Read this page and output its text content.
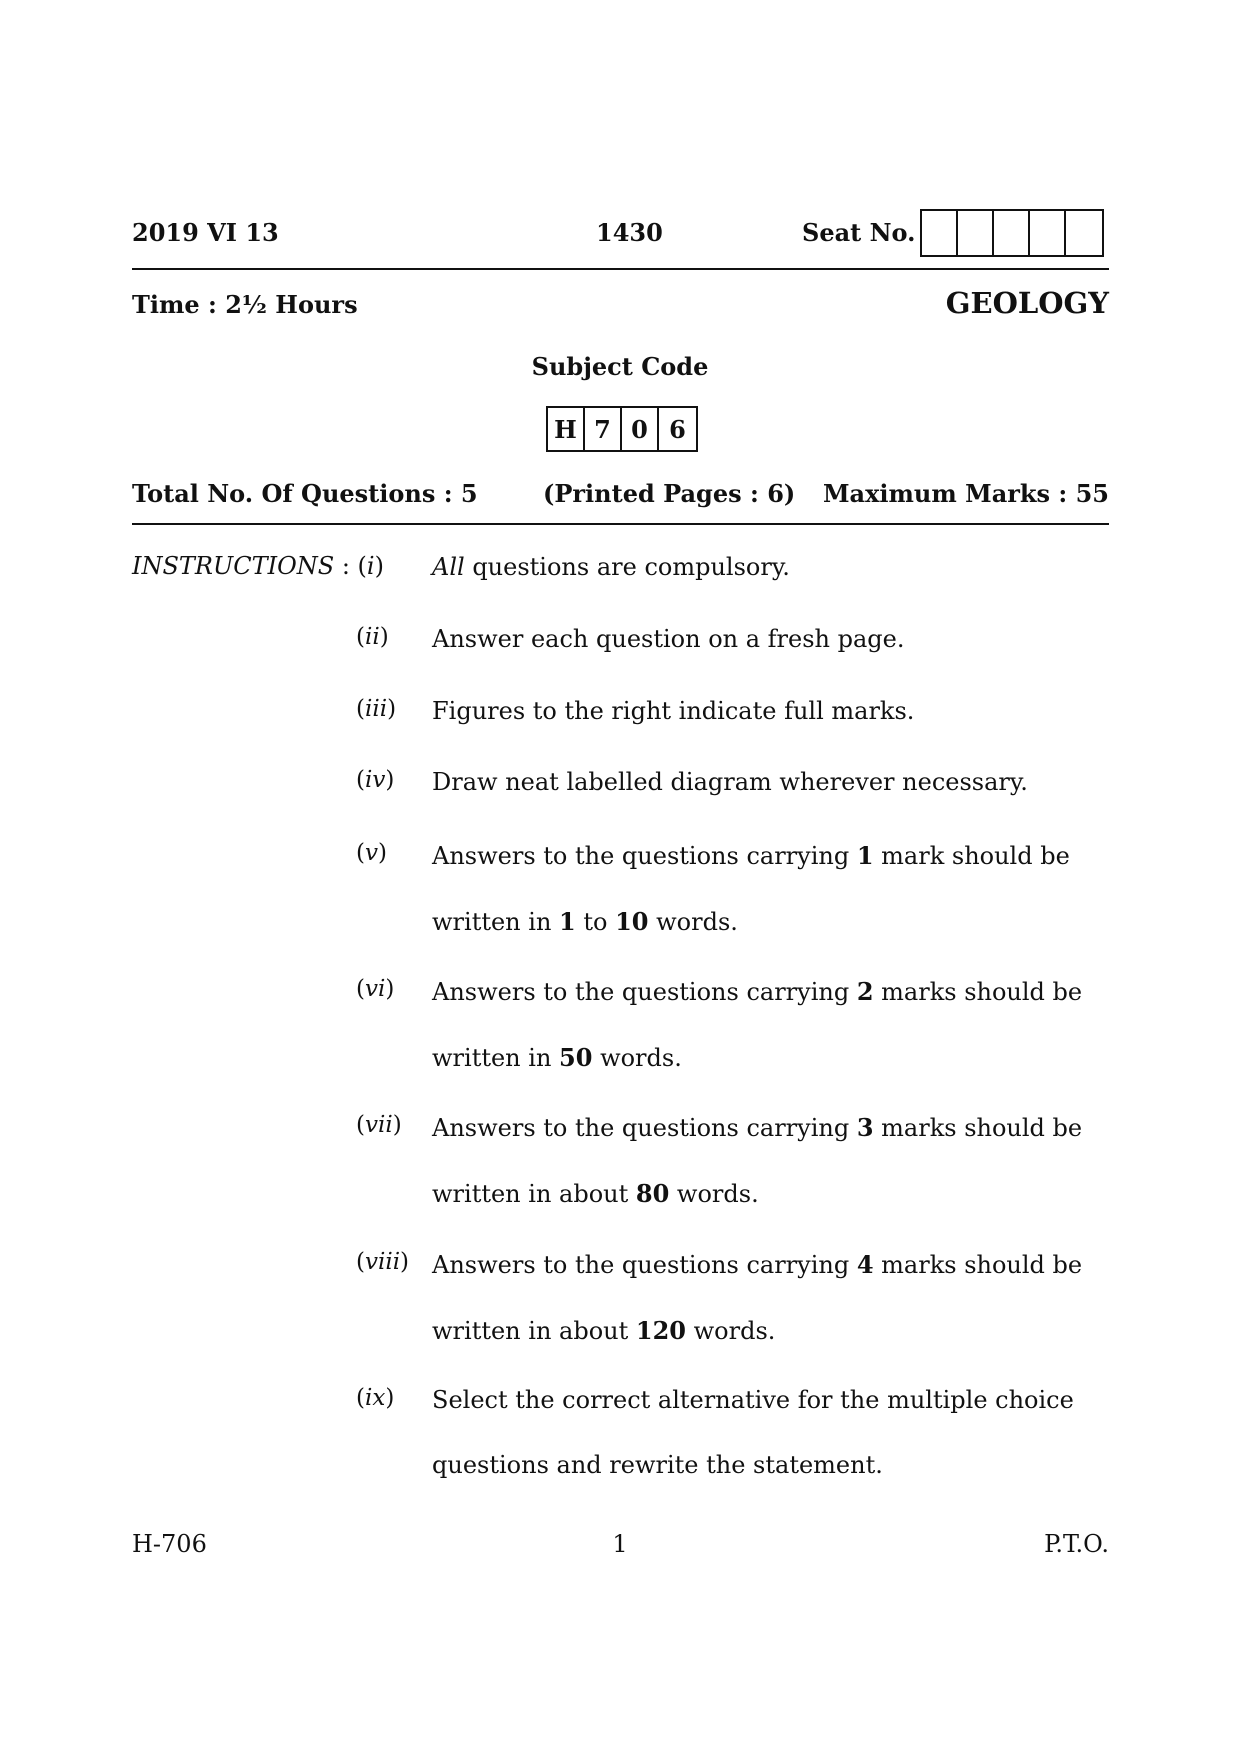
2019 VI 13	1430	Seat No.
Time : 2½ Hours	GEOLOGY
Subject Code
H 7 0 6
Total No. Of Questions : 5	(Printed Pages : 6) Maximum Marks : 55
INSTRUCTIONS : (i) All questions are compulsory.
(ii) Answer each question on a fresh page.
(iii) Figures to the right indicate full marks.
(iv) Draw neat labelled diagram wherever necessary.
(v) Answers to the questions carrying 1 mark should be written in 1 to 10 words.
(vi) Answers to the questions carrying 2 marks should be written in 50 words.
(vii) Answers to the questions carrying 3 marks should be written in about 80 words.
(viii) Answers to the questions carrying 4 marks should be written in about 120 words.
(ix) Select the correct alternative for the multiple choice questions and rewrite the statement.
H-706	1	P.T.O.
